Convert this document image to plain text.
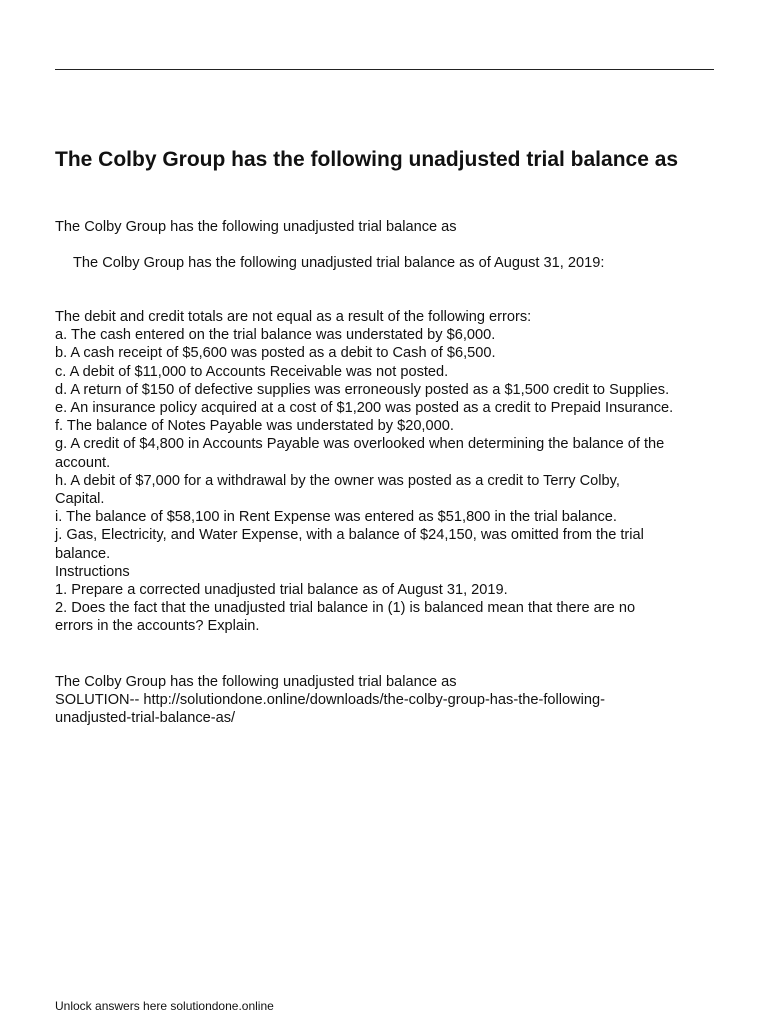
The Colby Group has the following unadjusted trial balance as

The Colby Group has the following unadjusted trial balance as

The Colby Group has the following unadjusted trial balance as of August 31, 2019:

The debit and credit totals are not equal as a result of the following errors:
a. The cash entered on the trial balance was understated by $6,000.
b. A cash receipt of $5,600 was posted as a debit to Cash of $6,500.
c. A debit of $11,000 to Accounts Receivable was not posted.
d. A return of $150 of defective supplies was erroneously posted as a $1,500 credit to Supplies.
e. An insurance policy acquired at a cost of $1,200 was posted as a credit to Prepaid Insurance.
f. The balance of Notes Payable was understated by $20,000.
g. A credit of $4,800 in Accounts Payable was overlooked when determining the balance of the
account.
h. A debit of $7,000 for a withdrawal by the owner was posted as a credit to Terry Colby,
Capital.
i. The balance of $58,100 in Rent Expense was entered as $51,800 in the trial balance.
j. Gas, Electricity, and Water Expense, with a balance of $24,150, was omitted from the trial
balance.
Instructions
1. Prepare a corrected unadjusted trial balance as of August 31, 2019.
2. Does the fact that the unadjusted trial balance in (1) is balanced mean that there are no
errors in the accounts? Explain.
The Colby Group has the following unadjusted trial balance as
SOLUTION-- http://solutiondone.online/downloads/the-colby-group-has-the-following-
unadjusted-trial-balance-as/

Unlock answers here solutiondone.online
